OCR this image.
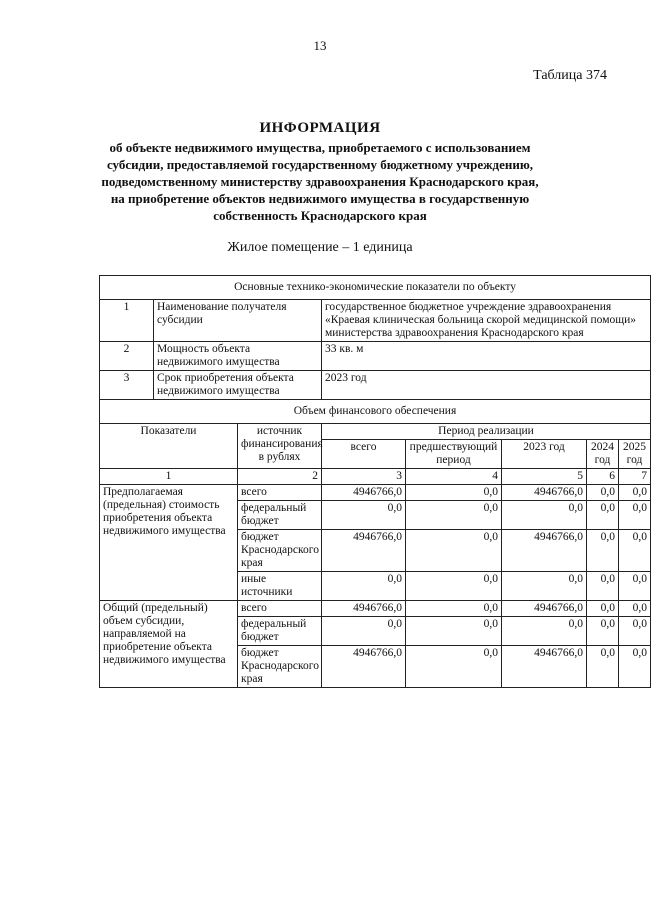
13
Таблица 374
ИНФОРМАЦИЯ
об объекте недвижимого имущества, приобретаемого с использованием
субсидии, предоставляемой государственному бюджетному учреждению,
подведомственному министерству здравоохранения Краснодарского края,
на приобретение объектов недвижимого имущества в государственную
собственность Краснодарского края
Жилое помещение – 1 единица
Основные технико-экономические показатели по объекту							
1	Наименование получателя субсидии		государственное бюджетное учреждение здравоохранения «Краевая клиническая больница скорой медицинской помощи» министерства здравоохранения Краснодарского края				
2	Мощность объекта недвижимого имущества		33 кв. м				
3	Срок приобретения объекта недвижимого имущества		2023 год				
Объем финансового обеспечения							
Показатели		источник финансирования в рублях	Период реализации				
			всего	предшествующий период	2023 год	2024 год	2025 год
1		2	3	4	5	6	7
Предполагаемая (предельная) стоимость приобретения объекта недвижимого имущества		всего	4946766,0	0,0	4946766,0	0,0	0,0
		федеральный бюджет	0,0	0,0	0,0	0,0	0,0
		бюджет Краснодарского края	4946766,0	0,0	4946766,0	0,0	0,0
		иные источники	0,0	0,0	0,0	0,0	0,0
Общий (предельный) объем субсидии, направляемой на приобретение объекта недвижимого имущества		всего	4946766,0	0,0	4946766,0	0,0	0,0
		федеральный бюджет	0,0	0,0	0,0	0,0	0,0
		бюджет Краснодарского края	4946766,0	0,0	4946766,0	0,0	0,0
